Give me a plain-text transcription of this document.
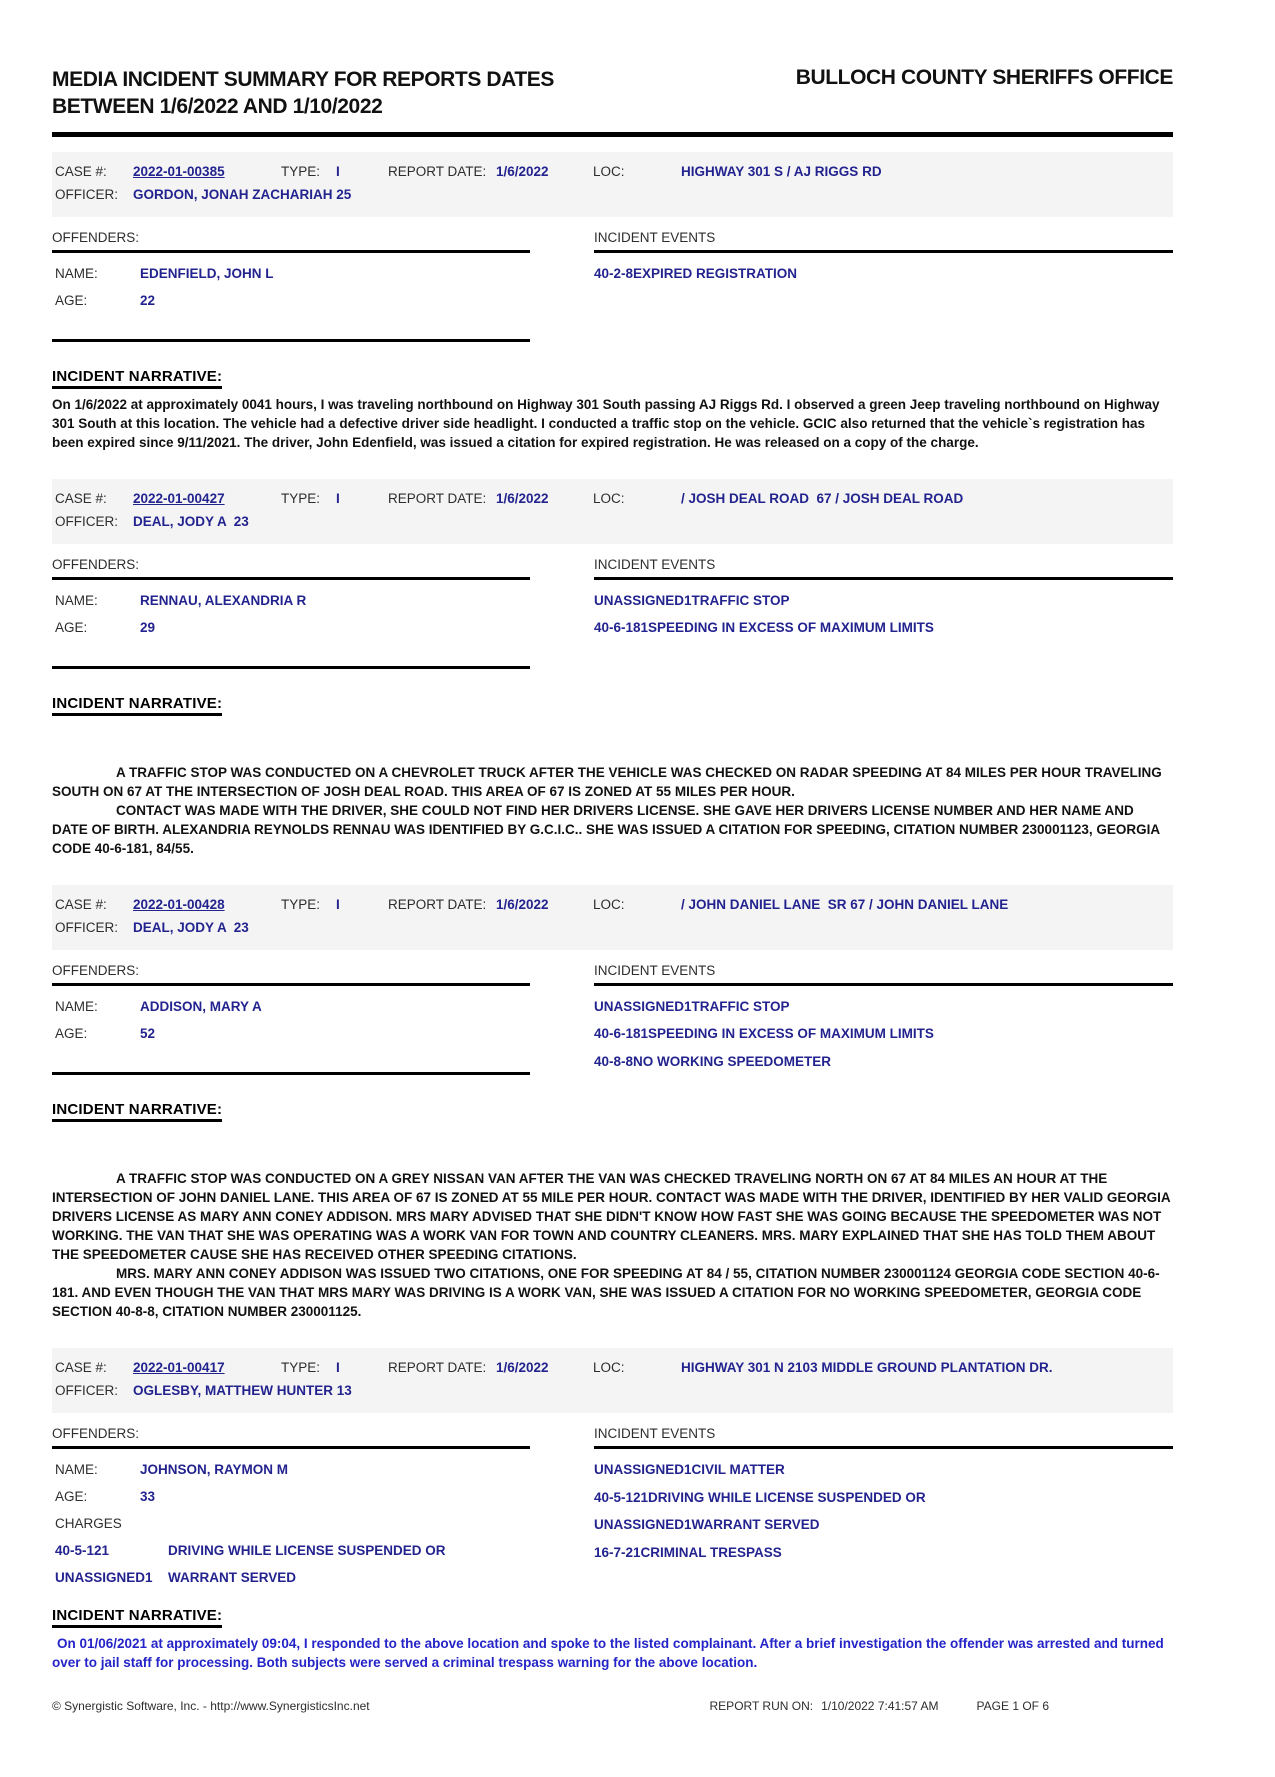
MEDIA INCIDENT SUMMARY FOR REPORTS DATES
BETWEEN 1/6/2022 AND 1/10/2022
BULLOCH COUNTY SHERIFFS OFFICE
CASE #:	2022-01-00385	TYPE:	I	REPORT DATE: 1/6/2022	LOC:	HIGHWAY 301 S / AJ RIGGS RD
OFFICER:	GORDON, JONAH ZACHARIAH 25
OFFENDERS:
NAME:	EDENFIELD, JOHN L
AGE:	22
INCIDENT EVENTS
40-2-8 EXPIRED REGISTRATION
INCIDENT NARRATIVE:

On 1/6/2022 at approximately 0041 hours, I was traveling northbound on Highway 301 South passing AJ Riggs Rd. I observed a green Jeep traveling northbound on Highway 301 South at this location. The vehicle had a defective driver side headlight. I conducted a traffic stop on the vehicle. GCIC also returned that the vehicle`s registration has been expired since 9/11/2021. The driver, John Edenfield, was issued a citation for expired registration. He was released on a copy of the charge.

CASE #:	2022-01-00427	TYPE:	I	REPORT DATE: 1/6/2022	LOC:	/ JOSH DEAL ROAD  67 / JOSH DEAL ROAD
OFFICER:	DEAL, JODY A  23
OFFENDERS:
NAME:	RENNAU, ALEXANDRIA R
AGE:	29
INCIDENT EVENTS
UNASSIGNED1 TRAFFIC STOP
40-6-181 SPEEDING IN EXCESS OF MAXIMUM LIMITS
INCIDENT NARRATIVE:

A TRAFFIC STOP WAS CONDUCTED ON A CHEVROLET TRUCK AFTER THE VEHICLE WAS CHECKED ON RADAR SPEEDING AT 84 MILES PER HOUR TRAVELING SOUTH ON 67 AT THE INTERSECTION OF JOSH DEAL ROAD. THIS AREA OF 67 IS ZONED AT 55 MILES PER HOUR.

CONTACT WAS MADE WITH THE DRIVER, SHE COULD NOT FIND HER DRIVERS LICENSE. SHE GAVE HER DRIVERS LICENSE NUMBER AND HER NAME AND DATE OF BIRTH. ALEXANDRIA REYNOLDS RENNAU WAS IDENTIFIED BY G.C.I.C.. SHE WAS ISSUED A CITATION FOR SPEEDING, CITATION NUMBER 230001123, GEORGIA CODE 40-6-181, 84/55.

CASE #:	2022-01-00428	TYPE:	I	REPORT DATE: 1/6/2022	LOC:	/ JOHN DANIEL LANE  SR 67 / JOHN DANIEL LANE
OFFICER:	DEAL, JODY A  23
OFFENDERS:
NAME:	ADDISON, MARY A
AGE:	52
INCIDENT EVENTS
UNASSIGNED1 TRAFFIC STOP
40-6-181 SPEEDING IN EXCESS OF MAXIMUM LIMITS
40-8-8 NO WORKING SPEEDOMETER
INCIDENT NARRATIVE:

A TRAFFIC STOP WAS CONDUCTED ON A GREY NISSAN VAN AFTER THE VAN WAS CHECKED TRAVELING NORTH ON 67 AT 84 MILES AN HOUR AT THE INTERSECTION OF JOHN DANIEL LANE. THIS AREA OF 67 IS ZONED AT 55 MILE PER HOUR. CONTACT WAS MADE WITH THE DRIVER, IDENTIFIED BY HER VALID GEORGIA DRIVERS LICENSE AS MARY ANN CONEY ADDISON. MRS MARY ADVISED THAT SHE DIDN'T KNOW HOW FAST SHE WAS GOING BECAUSE THE SPEEDOMETER WAS NOT WORKING. THE VAN THAT SHE WAS OPERATING WAS A WORK VAN FOR TOWN AND COUNTRY CLEANERS. MRS. MARY EXPLAINED THAT SHE HAS TOLD THEM ABOUT THE SPEEDOMETER CAUSE SHE HAS RECEIVED OTHER SPEEDING CITATIONS.

MRS. MARY ANN CONEY ADDISON WAS ISSUED TWO CITATIONS, ONE FOR SPEEDING AT 84 / 55, CITATION NUMBER 230001124 GEORGIA CODE SECTION 40-6-181. AND EVEN THOUGH THE VAN THAT MRS MARY WAS DRIVING IS A WORK VAN, SHE WAS ISSUED A CITATION FOR NO WORKING SPEEDOMETER, GEORGIA CODE SECTION 40-8-8, CITATION NUMBER 230001125.

CASE #:	2022-01-00417	TYPE:	I	REPORT DATE: 1/6/2022	LOC:	HIGHWAY 301 N 2103 MIDDLE GROUND PLANTATION DR.
OFFICER:	OGLESBY, MATTHEW HUNTER 13
OFFENDERS:
NAME:	JOHNSON, RAYMON M
AGE:	33
CHARGES
40-5-121	DRIVING WHILE LICENSE SUSPENDED OR
UNASSIGNED1	WARRANT SERVED
INCIDENT EVENTS
UNASSIGNED1 CIVIL MATTER
40-5-121 DRIVING WHILE LICENSE SUSPENDED OR
UNASSIGNED1 WARRANT SERVED
16-7-21 CRIMINAL TRESPASS
INCIDENT NARRATIVE:

On 01/06/2021 at approximately 09:04, I responded to the above location and spoke to the listed complainant. After a brief investigation the offender was arrested and turned over to jail staff for processing. Both subjects were served a criminal trespass warning for the above location.

© Synergistic Software, Inc. - http://www.SynergisticsInc.net	REPORT RUN ON: 1/10/2022 7:41:57 AM	PAGE 1 OF 6
